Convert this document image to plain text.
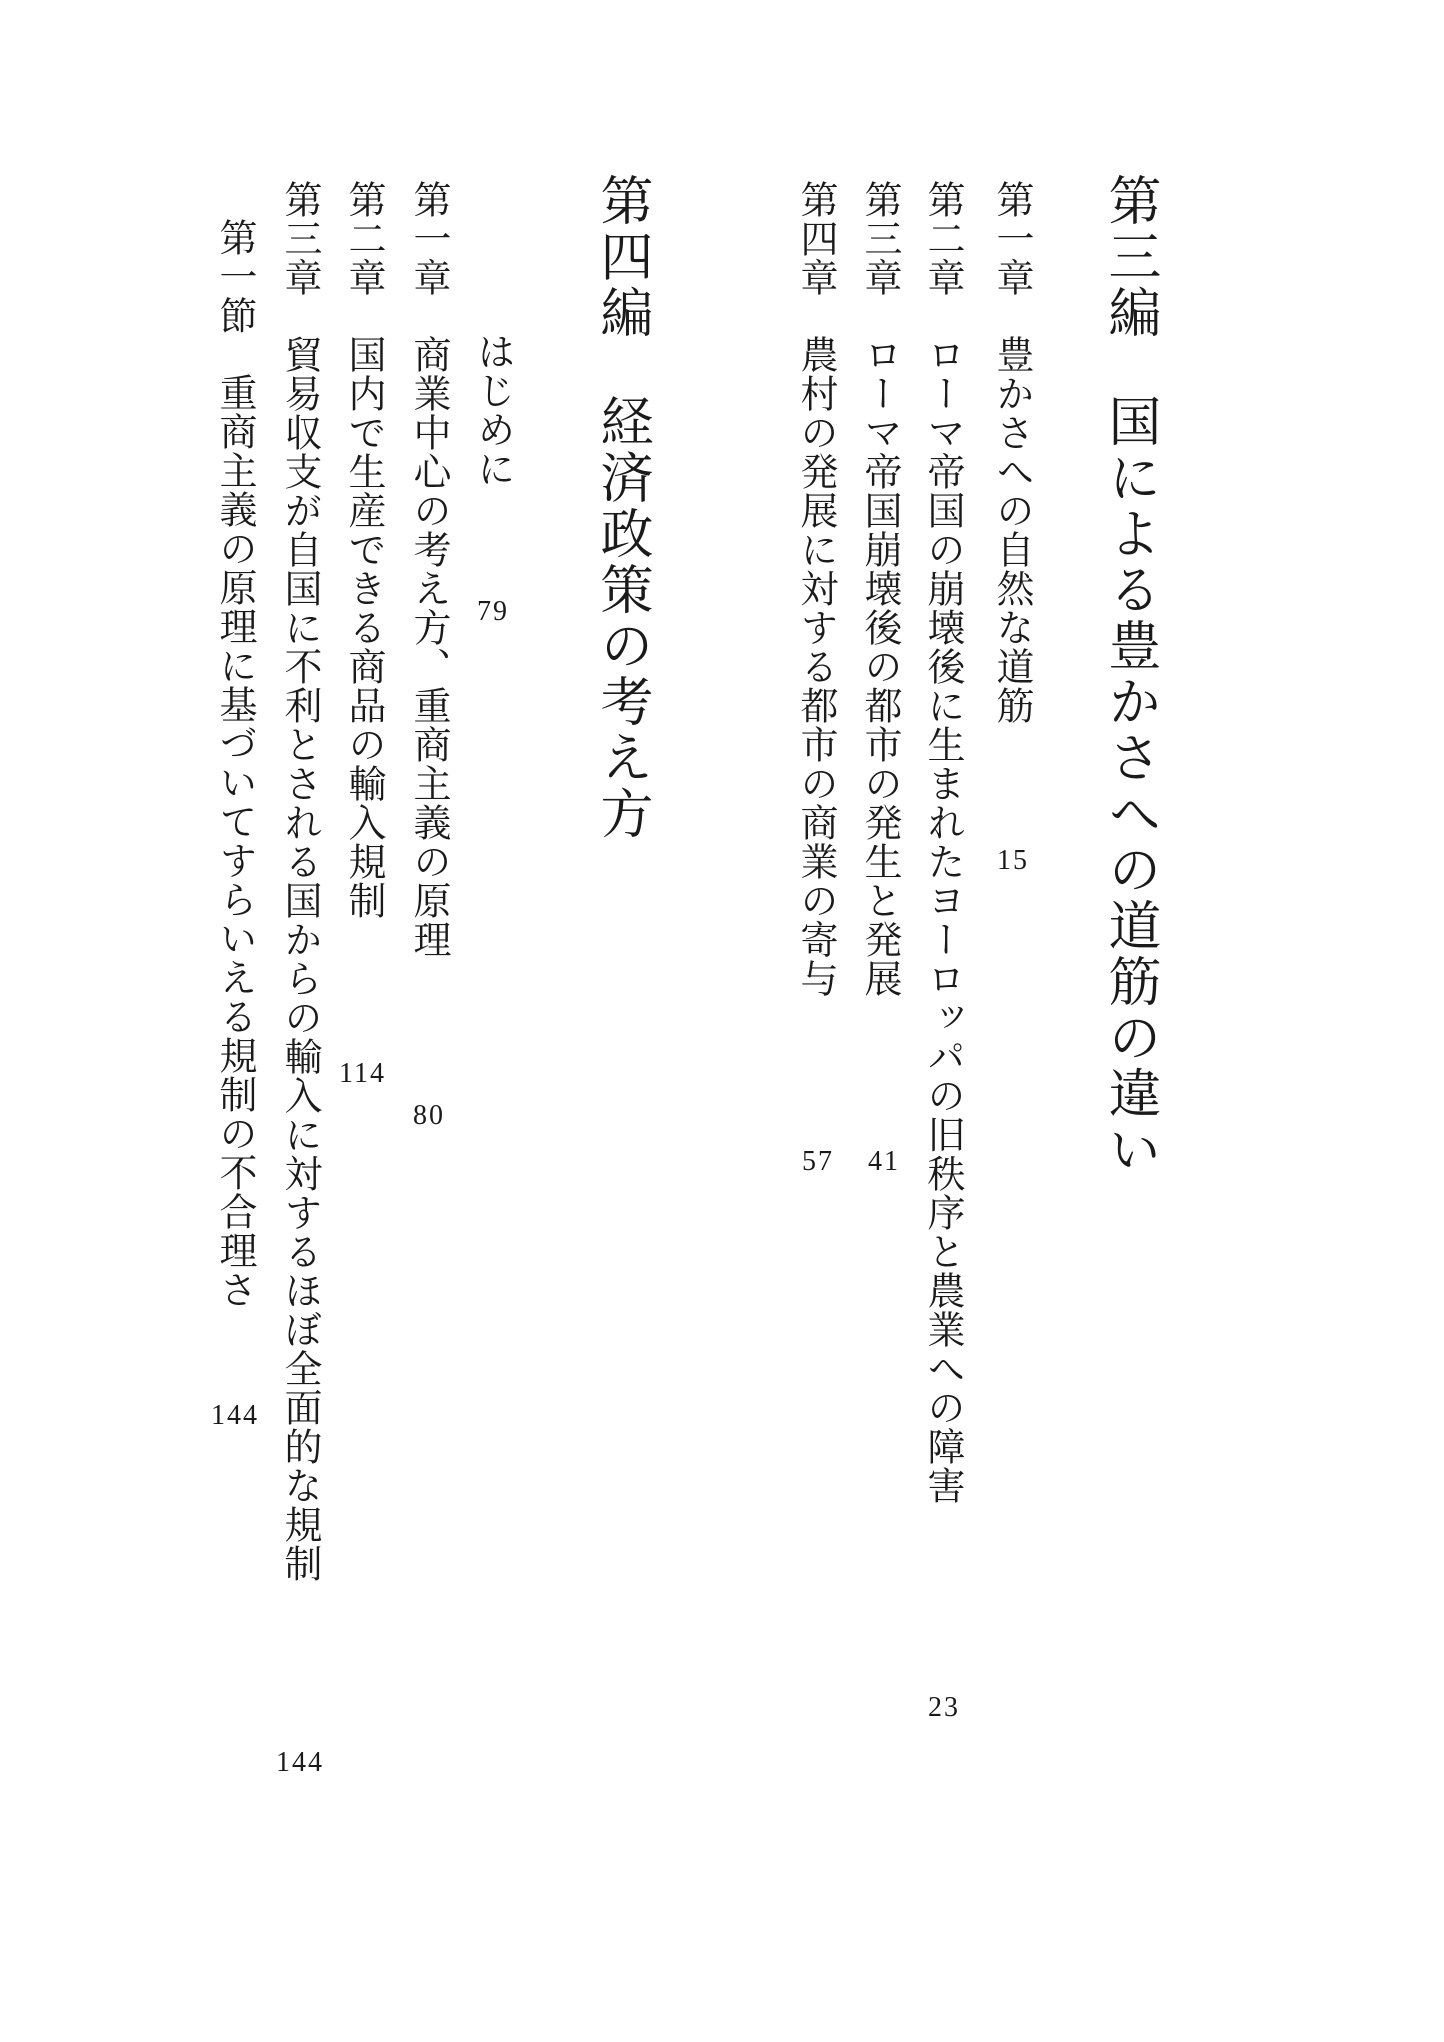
第三編国による豊かさへの道筋の違い
第一章豊かさへの自然な道筋
15
第二章ローマ帝国の崩壊後に生まれたヨーロッパの旧秩序と農業への障害
23
第三章ローマ帝国崩壊後の都市の発生と発展
41
第四章農村の発展に対する都市の商業の寄与
57
第四編経済政策の考え方
はじめに
79
第一章商業中心の考え方、重商主義の原理
80
第二章国内で生産できる商品の輸入規制
114
第三章貿易収支が自国に不利とされる国からの輸入に対するほぼ全面的な規制
144
第一節重商主義の原理に基づいてすらいえる規制の不合理さ
144
